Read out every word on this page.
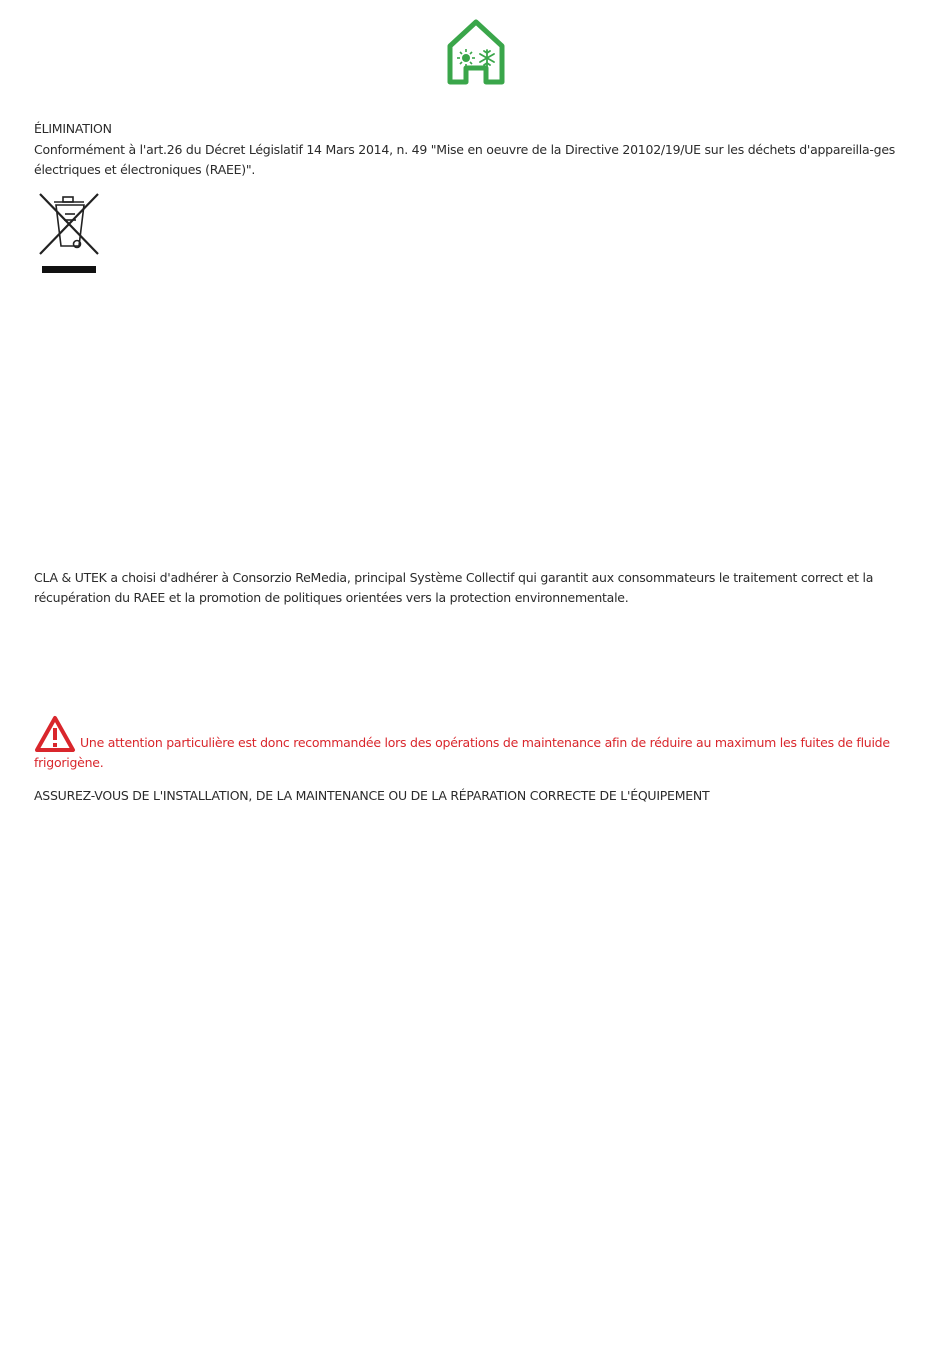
ÉLIMINATION

Conformément à l'art.26 du Décret Législatif 14 Mars 2014, n. 49 "Mise en oeuvre de la Directive 20102/19/UE sur les déchets d'appareilla-ges électriques et électroniques (RAEE)".

CLA & UTEK a choisi d'adhérer à Consorzio ReMedia, principal Système Collectif qui garantit aux consommateurs le traitement correct et la récupération du RAEE et la promotion de politiques orientées vers la protection environnementale.

Une attention particulière est donc recommandée lors des opérations de maintenance afin de réduire au maximum les fuites de fluide frigorigène.

ASSUREZ-VOUS DE L'INSTALLATION, DE LA MAINTENANCE OU DE LA RÉPARATION CORRECTE DE L'ÉQUIPEMENT
